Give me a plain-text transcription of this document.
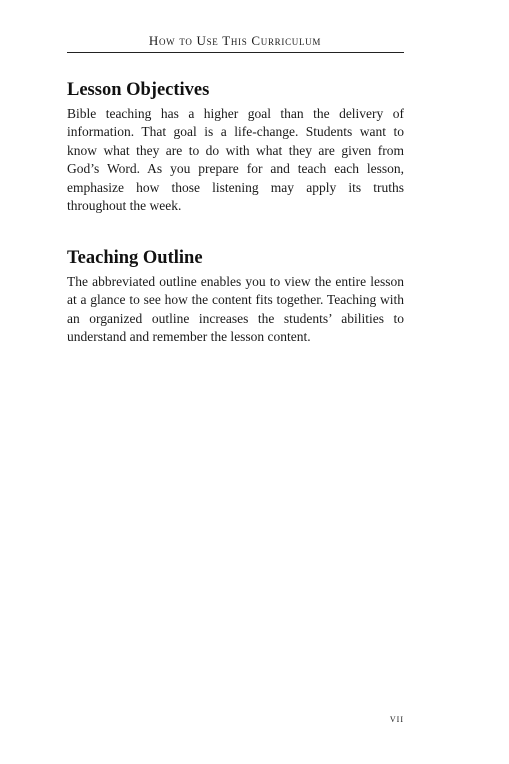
How to Use This Curriculum
Lesson Objectives

Bible teaching has a higher goal than the delivery of information. That goal is a life-change. Students want to know what they are to do with what they are given from God’s Word. As you prepare for and teach each lesson, emphasize how those listening may apply its truths throughout the week.

Teaching Outline

The abbreviated outline enables you to view the entire lesson at a glance to see how the content fits together. Teaching with an organized outline increases the students’ abilities to understand and remember the lesson content.

vii
